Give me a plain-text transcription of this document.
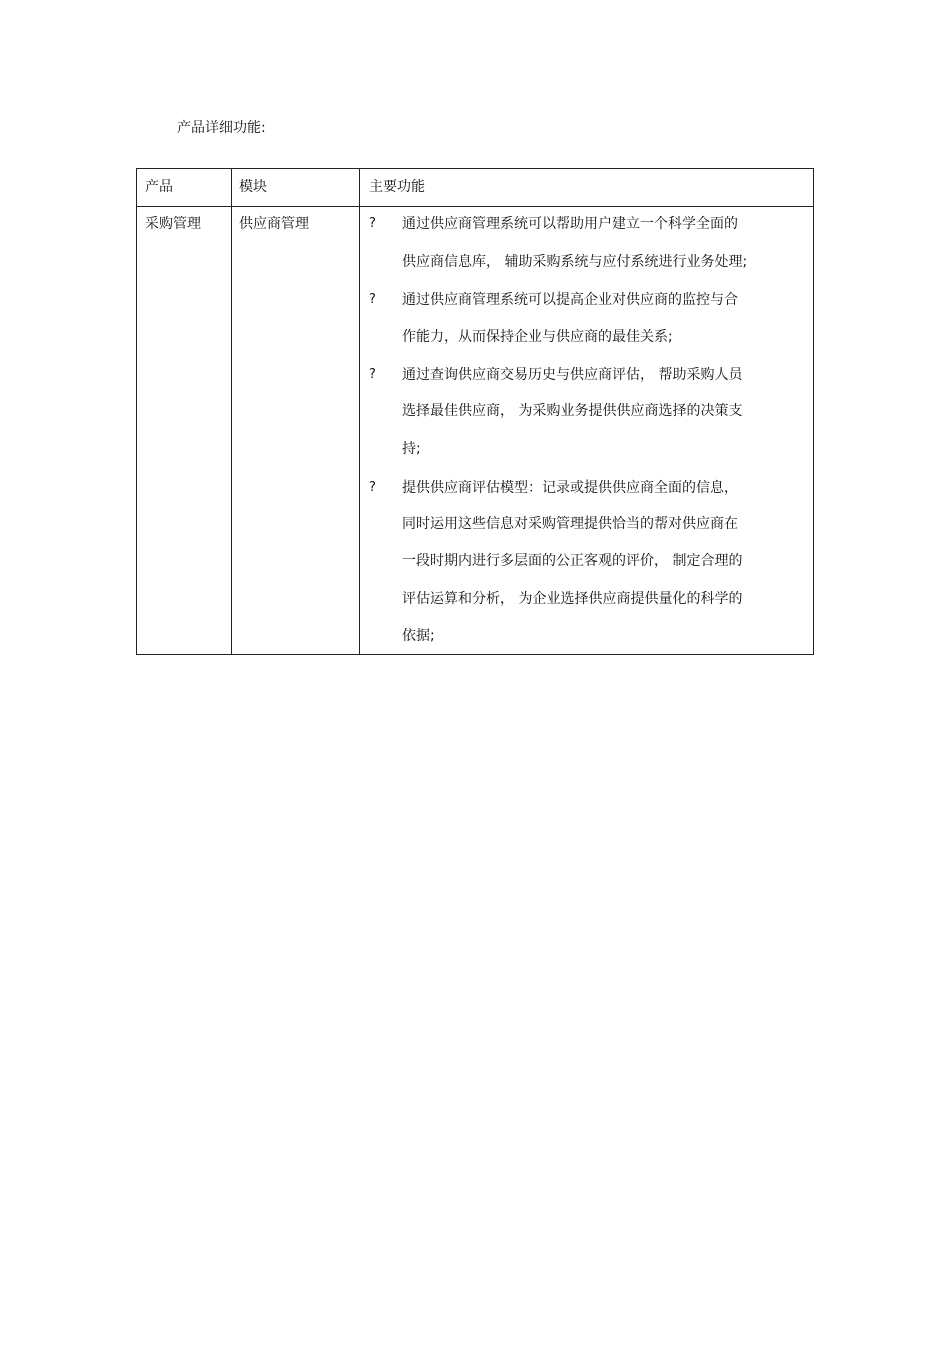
产品详细功能:
产品	模块	主要功能
采购管理	供应商管理	?	通过供应商管理系统可以帮助用户建立一个科学全面的
供应商信息库， 辅助采购系统与应付系统进行业务处理;
?	通过供应商管理系统可以提高企业对供应商的监控与合
作能力，从而保持企业与供应商的最佳关系;
?	通过查询供应商交易历史与供应商评估， 帮助采购人员
选择最佳供应商， 为采购业务提供供应商选择的决策支
持;
?	提供供应商评估模型：记录或提供供应商全面的信息，
同时运用这些信息对采购管理提供恰当的帮对供应商在
一段时期内进行多层面的公正客观的评价， 制定合理的
评估运算和分析， 为企业选择供应商提供量化的科学的
依据;
